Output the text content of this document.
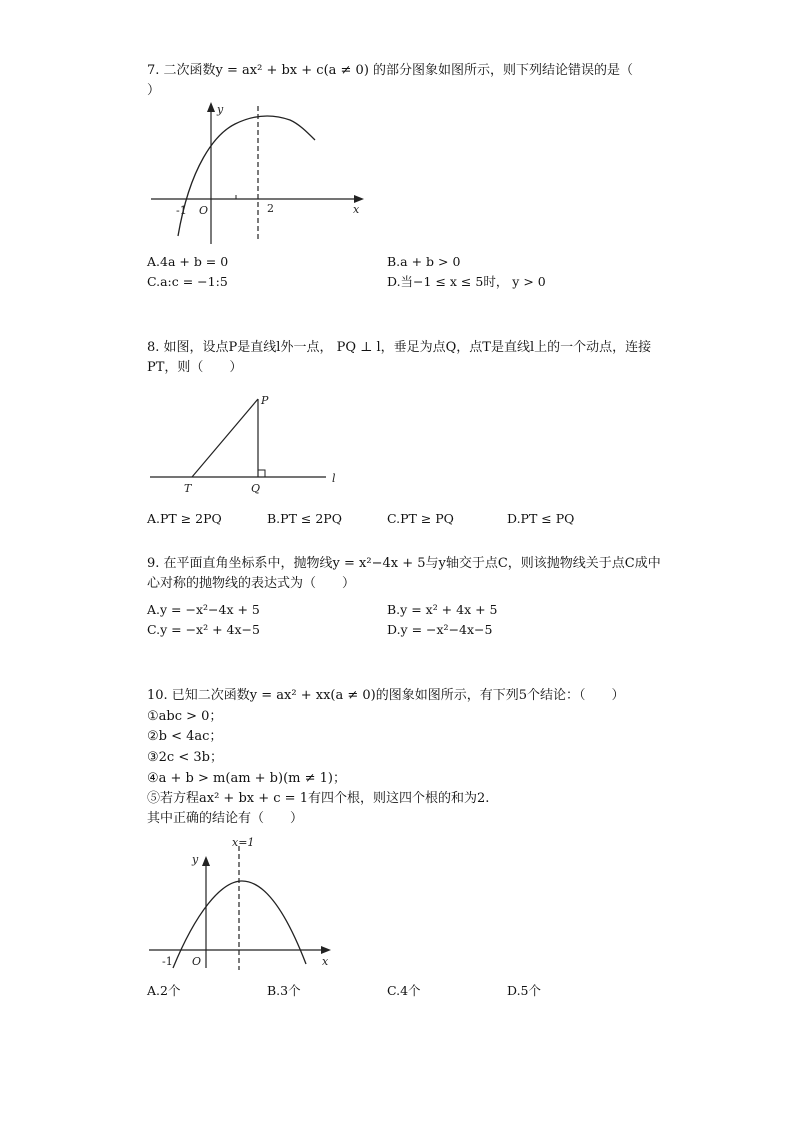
7. 二次函数y = ax² + bx + c(a ≠ 0) 的部分图象如图所示，则下列结论错误的是（
）
y
x
O
-1	2
A.4a + b = 0	B.a + b > 0
C.a:c = −1:5	D.当−1 ≤ x ≤ 5时， y > 0
8. 如图，设点P是直线l外一点， PQ ⊥ l，垂足为点Q，点T是直线l上的一个动点，连接
PT，则（　　）
P
T	Q
l
A.PT ≥ 2PQ	B.PT ≤ 2PQ	C.PT ≥ PQ	D.PT ≤ PQ
9. 在平面直角坐标系中，抛物线y = x²−4x + 5与y轴交于点C，则该抛物线关于点C成中
心对称的抛物线的表达式为（　　）
A.y = −x²−4x + 5	B.y = x² + 4x + 5
C.y = −x² + 4x−5	D.y = −x²−4x−5
10. 已知二次函数y = ax² + xx(a ≠ 0)的图象如图所示，有下列5个结论：（　　）
①abc > 0；
②b < 4ac；
③2c < 3b；
④a + b > m(am + b)(m ≠ 1)；
⑤若方程ax² + bx + c = 1有四个根，则这四个根的和为2.
其中正确的结论有（　　）
x=1
y
x
O
-1
A.2个	B.3个	C.4个	D.5个
